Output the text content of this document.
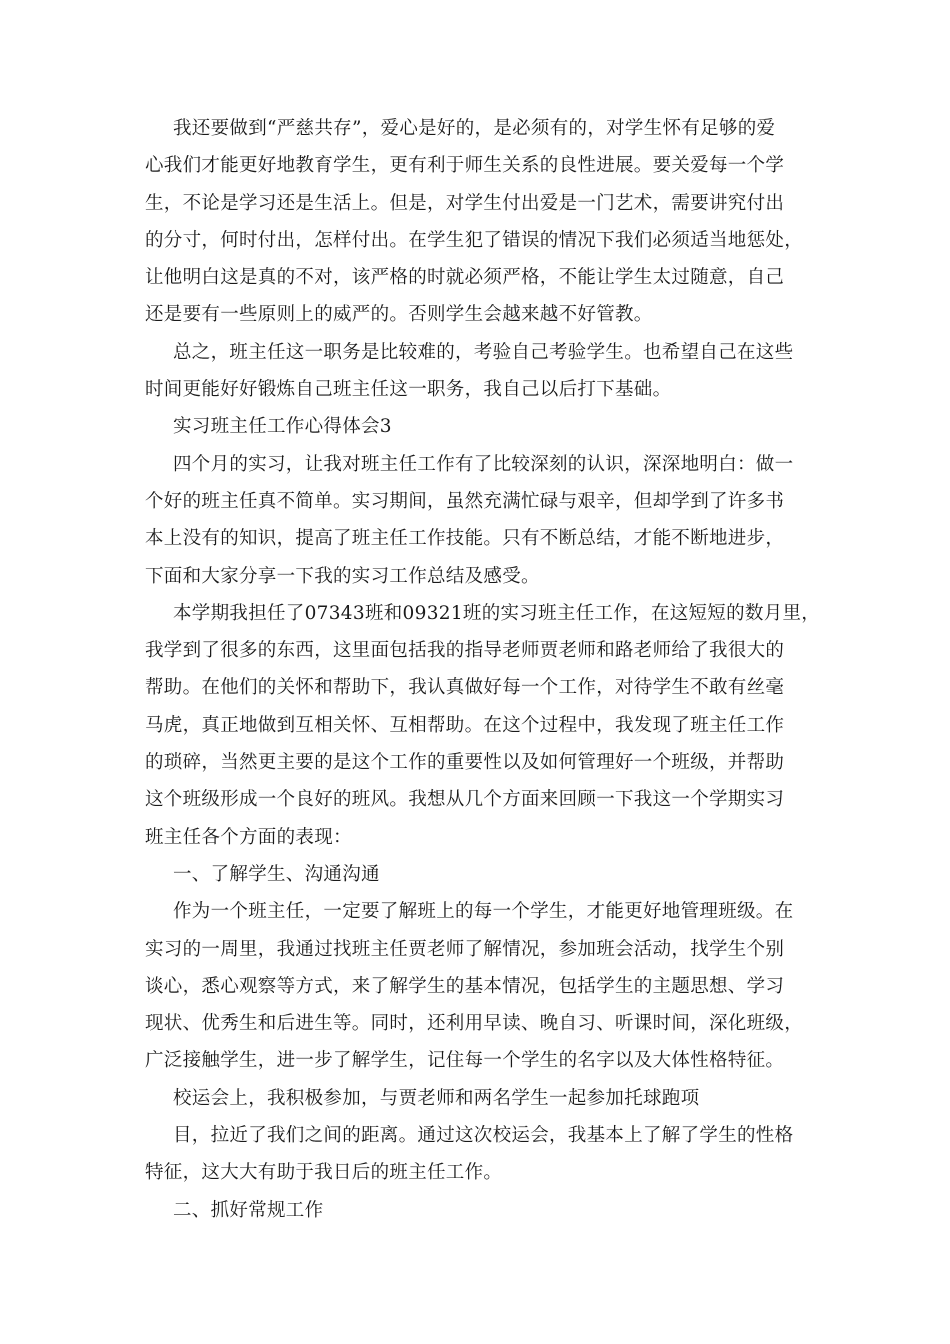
我还要做到“严慈共存”，爱心是好的，是必须有的，对学生怀有足够的爱
心我们才能更好地教育学生，更有利于师生关系的良性进展。要关爱每一个学
生，不论是学习还是生活上。但是，对学生付出爱是一门艺术，需要讲究付出
的分寸，何时付出，怎样付出。在学生犯了错误的情况下我们必须适当地惩处，
让他明白这是真的不对，该严格的时就必须严格，不能让学生太过随意，自己
还是要有一些原则上的威严的。否则学生会越来越不好管教。
总之，班主任这一职务是比较难的，考验自己考验学生。也希望自己在这些
时间更能好好锻炼自己班主任这一职务，我自己以后打下基础。
实习班主任工作心得体会3
四个月的实习，让我对班主任工作有了比较深刻的认识，深深地明白：做一
个好的班主任真不简单。实习期间，虽然充满忙碌与艰辛，但却学到了许多书
本上没有的知识，提高了班主任工作技能。只有不断总结，才能不断地进步，
下面和大家分享一下我的实习工作总结及感受。
本学期我担任了07343班和09321班的实习班主任工作，在这短短的数月里，
我学到了很多的东西，这里面包括我的指导老师贾老师和路老师给了我很大的
帮助。在他们的关怀和帮助下，我认真做好每一个工作，对待学生不敢有丝毫
马虎，真正地做到互相关怀、互相帮助。在这个过程中，我发现了班主任工作
的琐碎，当然更主要的是这个工作的重要性以及如何管理好一个班级，并帮助
这个班级形成一个良好的班风。我想从几个方面来回顾一下我这一个学期实习
班主任各个方面的表现：
一、了解学生、沟通沟通
作为一个班主任，一定要了解班上的每一个学生，才能更好地管理班级。在
实习的一周里，我通过找班主任贾老师了解情况，参加班会活动，找学生个别
谈心，悉心观察等方式，来了解学生的基本情况，包括学生的主题思想、学习
现状、优秀生和后进生等。同时，还利用早读、晚自习、听课时间，深化班级，
广泛接触学生，进一步了解学生，记住每一个学生的名字以及大体性格特征。
校运会上，我积极参加，与贾老师和两名学生一起参加托球跑项
目，拉近了我们之间的距离。通过这次校运会，我基本上了解了学生的性格
特征，这大大有助于我日后的班主任工作。
二、抓好常规工作
